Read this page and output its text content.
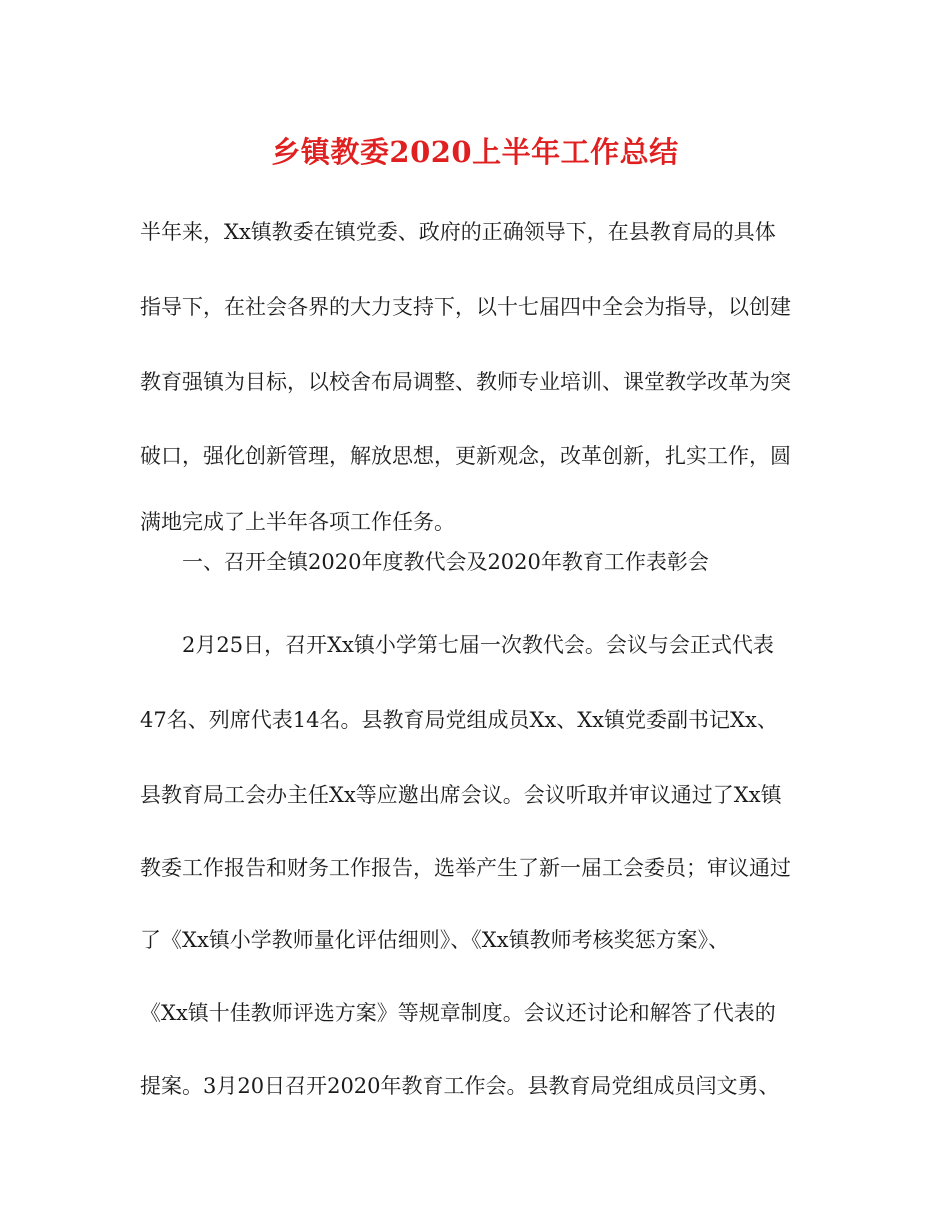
乡镇教委2020上半年工作总结
半年来，Xx镇教委在镇党委、政府的正确领导下，在县教育局的具体
指导下，在社会各界的大力支持下，以十七届四中全会为指导，以创建
教育强镇为目标，以校舍布局调整、教师专业培训、课堂教学改革为突
破口，强化创新管理，解放思想，更新观念，改革创新，扎实工作，圆
满地完成了上半年各项工作任务。
一、召开全镇2020年度教代会及2020年教育工作表彰会
2月25日，召开Xx镇小学第七届一次教代会。会议与会正式代表
47名、列席代表14名。县教育局党组成员Xx、Xx镇党委副书记Xx、
县教育局工会办主任Xx等应邀出席会议。会议听取并审议通过了Xx镇
教委工作报告和财务工作报告，选举产生了新一届工会委员；审议通过
了《Xx镇小学教师量化评估细则》、《Xx镇教师考核奖惩方案》、
《Xx镇十佳教师评选方案》等规章制度。会议还讨论和解答了代表的
提案。3月20日召开2020年教育工作会。县教育局党组成员闫文勇、
